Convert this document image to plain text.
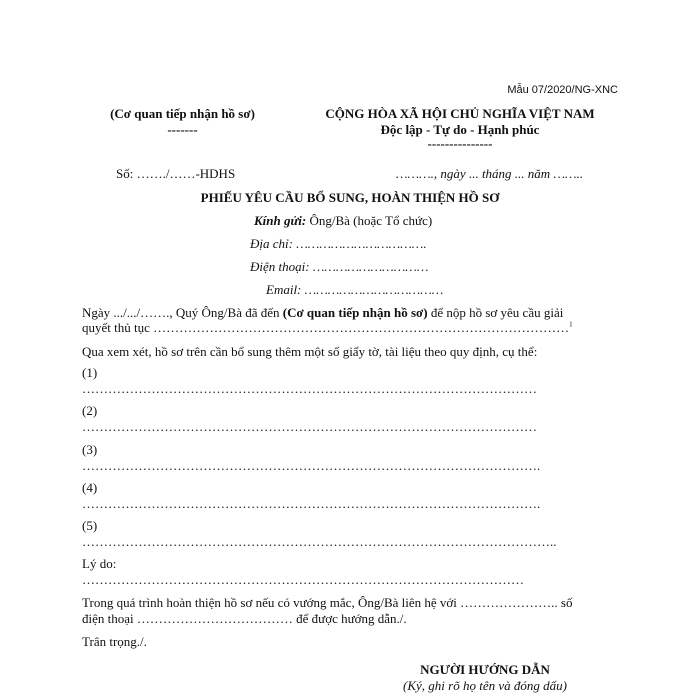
Mẫu 07/2020/NG-XNC
(Cơ quan tiếp nhận hồ sơ)
-------
CỘNG HÒA XÃ HỘI CHỦ NGHĨA VIỆT NAM
Độc lập - Tự do - Hạnh phúc
---------------
Số: ……./……-HDHS	………., ngày ... tháng ... năm ……..
PHIẾU YÊU CẦU BỔ SUNG, HOÀN THIỆN HỒ SƠ
Kính gửi: Ông/Bà (hoặc Tổ chức)
Địa chỉ: …………………………….
Điện thoại: …………………………
Email: ………………………………
Ngày .../.../……., Quý Ông/Bà đã đến (Cơ quan tiếp nhận hồ sơ) để nộp hồ sơ yêu cầu giải
quyết thủ tục ……………………………………………………………………………………$^1$
Qua xem xét, hồ sơ trên cần bổ sung thêm một số giấy tờ, tài liệu theo quy định, cụ thể:
(1)
……………………………………………………………………………………………
(2)
……………………………………………………………………………………………
(3)
…………………………………………………………………………………………….
(4)
…………………………………………………………………………………………….
(5)
………………………………………………………………………………………………..
Lý do:
…………………………………………………………………………………………
Trong quá trình hoàn thiện hồ sơ nếu có vướng mắc, Ông/Bà liên hệ với ………………….. số
điện thoại ……………………………… để được hướng dẫn./.
Trân trọng./.
NGƯỜI HƯỚNG DẪN
(Ký, ghi rõ họ tên và đóng dấu)
